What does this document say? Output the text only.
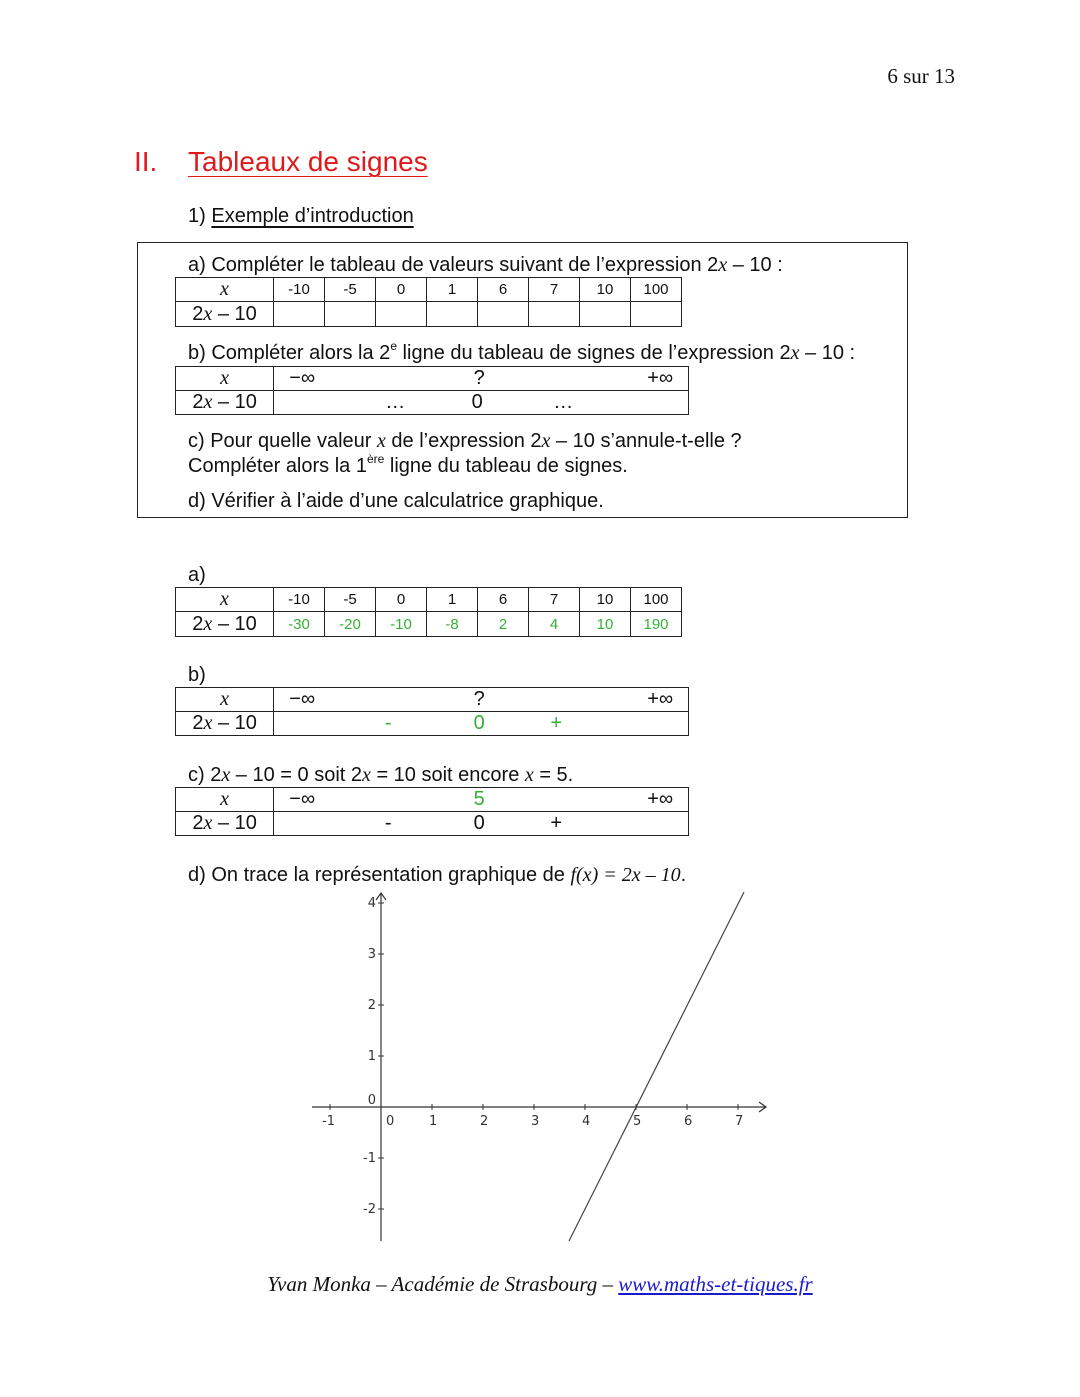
6 sur 13
II. Tableaux de signes
1) Exemple d’introduction
a) Compléter le tableau de valeurs suivant de l’expression 2x – 10 :
x	-10	-5	0	1	6	7	10	100
2x – 10								
b) Compléter alors la 2e ligne du tableau de signes de l’expression 2x – 10 :
x	−∞ ? +∞

2x – 10	… 0 …
c) Pour quelle valeur x de l’expression 2x – 10 s’annule-t-elle ?
Compléter alors la 1ère ligne du tableau de signes.
d) Vérifier à l’aide d’une calculatrice graphique.
a)
x	-10	-5	0	1	6	7	10	100
2x – 10	-30	-20	-10	-8	2	4	10	190
b)
x	−∞ ? +∞

2x – 10	- 0 +
c) 2x – 10 = 0 soit 2x = 10 soit encore x = 5.
x	−∞ 5 +∞

2x – 10	- 0 +
d) On trace la représentation graphique de f(x) = 2x – 10.
-1	0	1	2	3	4	5	6	7
-2
-1
0
1
2
3
4
Yvan Monka – Académie de Strasbourg – www.maths-et-tiques.fr
